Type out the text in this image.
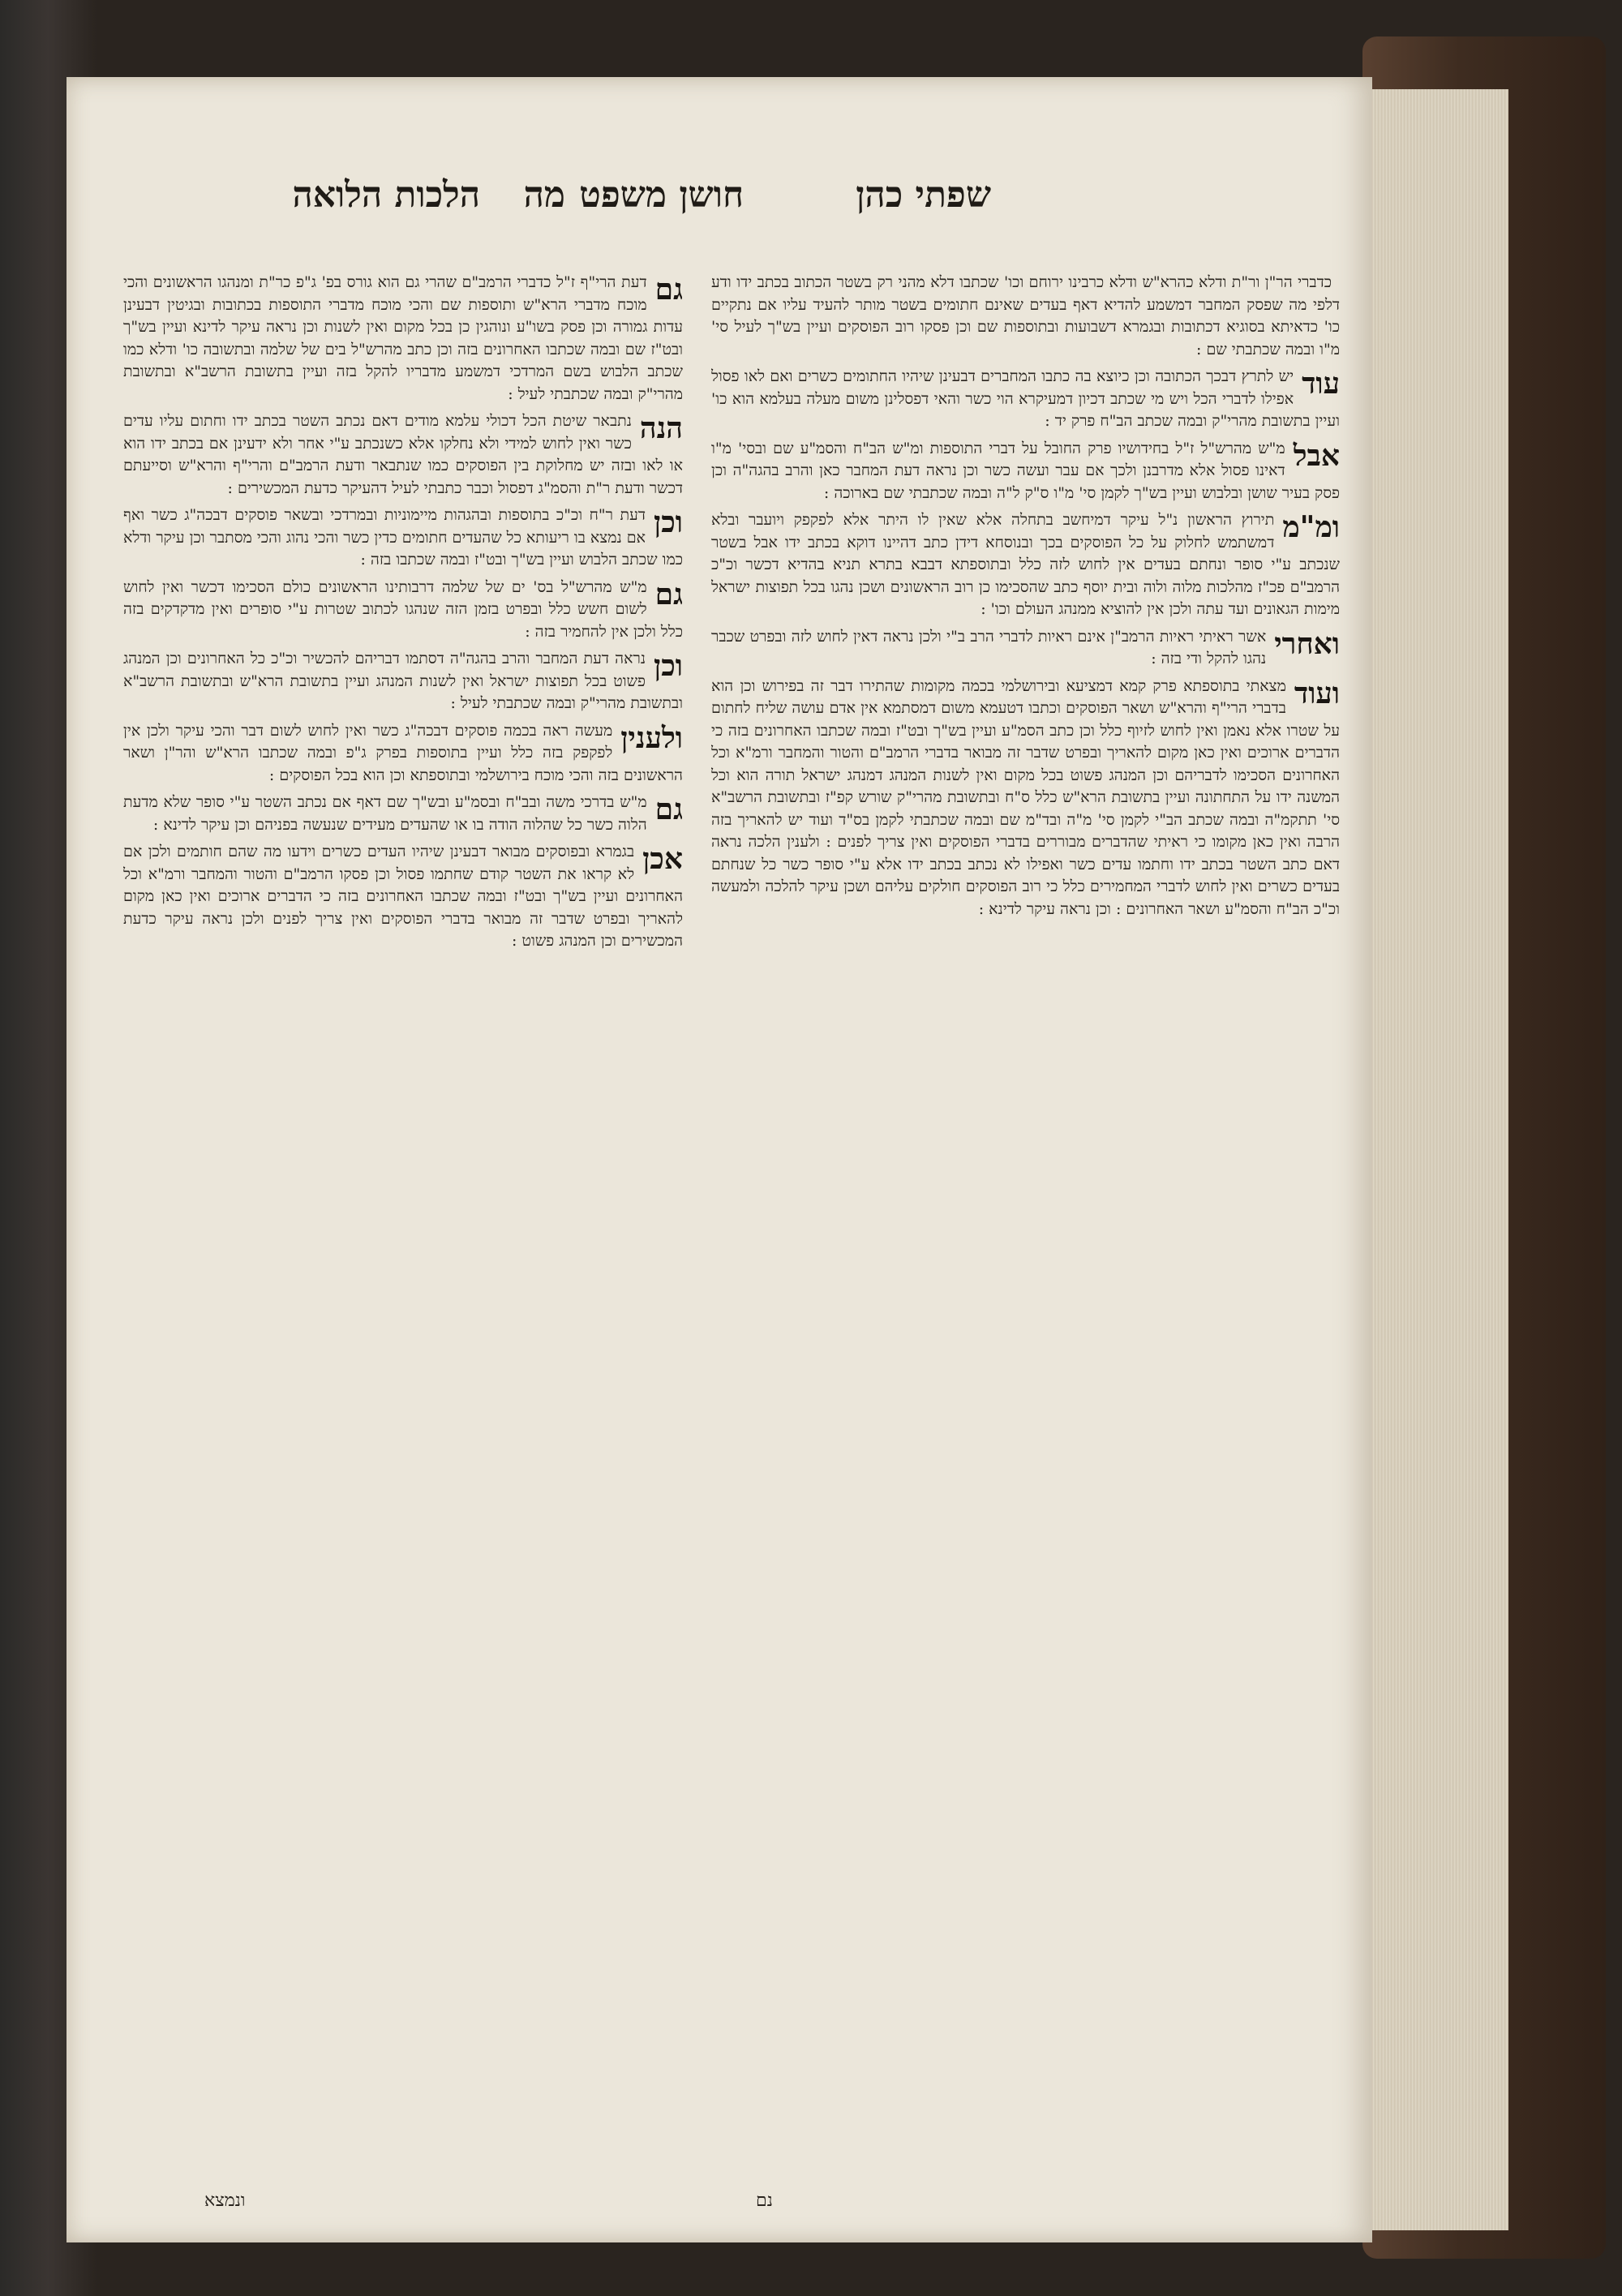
שפתי כהן
חושן משפט
מה
הלכות הלואה

כדברי הר"ן ור"ת ודלא כהרא"ש ודלא כרבינו ירוחם וכו' שכתבו דלא מהני רק בשטר הכתוב בכתב ידו ודע דלפי מה שפסק המחבר דמשמע להדיא דאף בעדים שאינם חתומים בשטר מותר להעיד עליו אם נתקיים כו' כדאיתא בסוגיא דכתובות ובגמרא דשבועות ובתוספות שם וכן פסקו רוב הפוסקים ועיין בש"ך לעיל סי' מ"ו ובמה שכתבתי שם :

עוד
יש לתרץ דבכך הכתובה וכן כיוצא בה כתבו המחברים דבעינן שיהיו החתומים כשרים ואם לאו פסול אפילו לדברי הכל ויש מי שכתב דכיון דמעיקרא הוי כשר והאי דפסלינן משום מעלה בעלמא הוא כו' ועיין בתשובת מהרי"ק ובמה שכתב הב"ח פרק יד :

אבל
מ"ש מהרש"ל ז"ל בחידושיו פרק החובל על דברי התוספות ומ"ש הב"ח והסמ"ע שם ובסי' מ"ו דאינו פסול אלא מדרבנן ולכך אם עבר ועשה כשר וכן נראה דעת המחבר כאן והרב בהגה"ה וכן פסק בעיר שושן ובלבוש ועיין בש"ך לקמן סי' מ"ו ס"ק ל"ה ובמה שכתבתי שם בארוכה :

ומ"מ
תירוץ הראשון נ"ל עיקר דמיחשב בתחלה אלא שאין לו היתר אלא לפקפק ויועבר ובלא דמשתמש לחלוק על כל הפוסקים בכך ובנוסחא דידן כתב דהיינו דוקא בכתב ידו אבל בשטר שנכתב ע"י סופר ונחתם בעדים אין לחוש לזה כלל ובתוספתא דבבא בתרא תניא בהדיא דכשר וכ"כ הרמב"ם פכ"ז מהלכות מלוה ולוה ובית יוסף כתב שהסכימו כן רוב הראשונים ושכן נהגו בכל תפוצות ישראל מימות הגאונים ועד עתה ולכן אין להוציא ממנהג העולם וכו' :

ואחרי
אשר ראיתי ראיות הרמב"ן אינם ראיות לדברי הרב ב"י ולכן נראה דאין לחוש לזה ובפרט שכבר נהגו להקל ודי בזה :

ועוד
מצאתי בתוספתא פרק קמא דמציעא ובירושלמי בכמה מקומות שהתירו דבר זה בפירוש וכן הוא בדברי הרי"ף והרא"ש ושאר הפוסקים וכתבו דטעמא משום דמסתמא אין אדם עושה שליח לחתום על שטרו אלא נאמן ואין לחוש לזיוף כלל וכן כתב הסמ"ע ועיין בש"ך ובט"ז ובמה שכתבו האחרונים בזה כי הדברים ארוכים ואין כאן מקום להאריך ובפרט שדבר זה מבואר בדברי הרמב"ם והטור והמחבר ורמ"א וכל האחרונים הסכימו לדבריהם וכן המנהג פשוט בכל מקום ואין לשנות המנהג דמנהג ישראל תורה הוא וכל המשנה ידו על התחתונה ועיין בתשובת הרא"ש כלל ס"ח ובתשובת מהרי"ק שורש קפ"ז ובתשובת הרשב"א סי' תתקמ"ה ובמה שכתב הב"י לקמן סי' מ"ה ובד"מ שם ובמה שכתבתי לקמן בס"ד ועוד יש להאריך בזה הרבה ואין כאן מקומו כי ראיתי שהדברים מבוררים בדברי הפוסקים ואין צריך לפנים : ולענין הלכה נראה דאם כתב השטר בכתב ידו וחתמו עדים כשר ואפילו לא נכתב בכתב ידו אלא ע"י סופר כשר כל שנחתם בעדים כשרים ואין לחוש לדברי המחמירים כלל כי רוב הפוסקים חולקים עליהם ושכן עיקר להלכה ולמעשה וכ"כ הב"ח והסמ"ע ושאר האחרונים : וכן נראה עיקר לדינא :

גם
דעת הרי"ף ז"ל כדברי הרמב"ם שהרי גם הוא גורס בפ' ג"פ כר"ת ומנהגו הראשונים והכי מוכח מדברי הרא"ש ותוספות שם והכי מוכח מדברי התוספות בכתובות ובגיטין דבעינן עדות גמורה וכן פסק בשו"ע ונוהגין כן בכל מקום ואין לשנות וכן נראה עיקר לדינא ועיין בש"ך ובט"ז שם ובמה שכתבו האחרונים בזה וכן כתב מהרש"ל בים של שלמה ובתשובה כו' ודלא כמו שכתב הלבוש בשם המרדכי דמשמע מדבריו להקל בזה ועיין בתשובת הרשב"א ובתשובת מהרי"ק ובמה שכתבתי לעיל :

הנה
נתבאר שיטת הכל דכולי עלמא מודים דאם נכתב השטר בכתב ידו וחתום עליו עדים כשר ואין לחוש למידי ולא נחלקו אלא כשנכתב ע"י אחר ולא ידעינן אם בכתב ידו הוא או לאו ובזה יש מחלוקת בין הפוסקים כמו שנתבאר ודעת הרמב"ם והרי"ף והרא"ש וסייעתם דכשר ודעת ר"ת והסמ"ג דפסול וכבר כתבתי לעיל דהעיקר כדעת המכשירים :

וכן
דעת ר"ח וכ"כ בתוספות ובהגהות מיימוניות ובמרדכי ובשאר פוסקים דבכה"ג כשר ואף אם נמצא בו ריעותא כל שהעדים חתומים כדין כשר והכי נהוג והכי מסתבר וכן עיקר ודלא כמו שכתב הלבוש ועיין בש"ך ובט"ז ובמה שכתבו בזה :

גם
מ"ש מהרש"ל בס' ים של שלמה דרבותינו הראשונים כולם הסכימו דכשר ואין לחוש לשום חשש כלל ובפרט בזמן הזה שנהגו לכתוב שטרות ע"י סופרים ואין מדקדקים בזה כלל ולכן אין להחמיר בזה :

וכן
נראה דעת המחבר והרב בהגה"ה דסתמו דבריהם להכשיר וכ"כ כל האחרונים וכן המנהג פשוט בכל תפוצות ישראל ואין לשנות המנהג ועיין בתשובת הרא"ש ובתשובת הרשב"א ובתשובת מהרי"ק ובמה שכתבתי לעיל :

ולענין
מעשה ראה בכמה פוסקים דבכה"ג כשר ואין לחוש לשום דבר והכי עיקר ולכן אין לפקפק בזה כלל ועיין בתוספות בפרק ג"פ ובמה שכתבו הרא"ש והר"ן ושאר הראשונים בזה והכי מוכח בירושלמי ובתוספתא וכן הוא בכל הפוסקים :

גם
מ"ש בדרכי משה ובב"ח ובסמ"ע ובש"ך שם דאף אם נכתב השטר ע"י סופר שלא מדעת הלוה כשר כל שהלוה הודה בו או שהעדים מעידים שנעשה בפניהם וכן עיקר לדינא :

אכן
בגמרא ובפוסקים מבואר דבעינן שיהיו העדים כשרים וידעו מה שהם חותמים ולכן אם לא קראו את השטר קודם שחתמו פסול וכן פסקו הרמב"ם והטור והמחבר ורמ"א וכל האחרונים ועיין בש"ך ובט"ז ובמה שכתבו האחרונים בזה כי הדברים ארוכים ואין כאן מקום להאריך ובפרט שדבר זה מבואר בדברי הפוסקים ואין צריך לפנים ולכן נראה עיקר כדעת המכשירים וכן המנהג פשוט :

נם
ונמצא
